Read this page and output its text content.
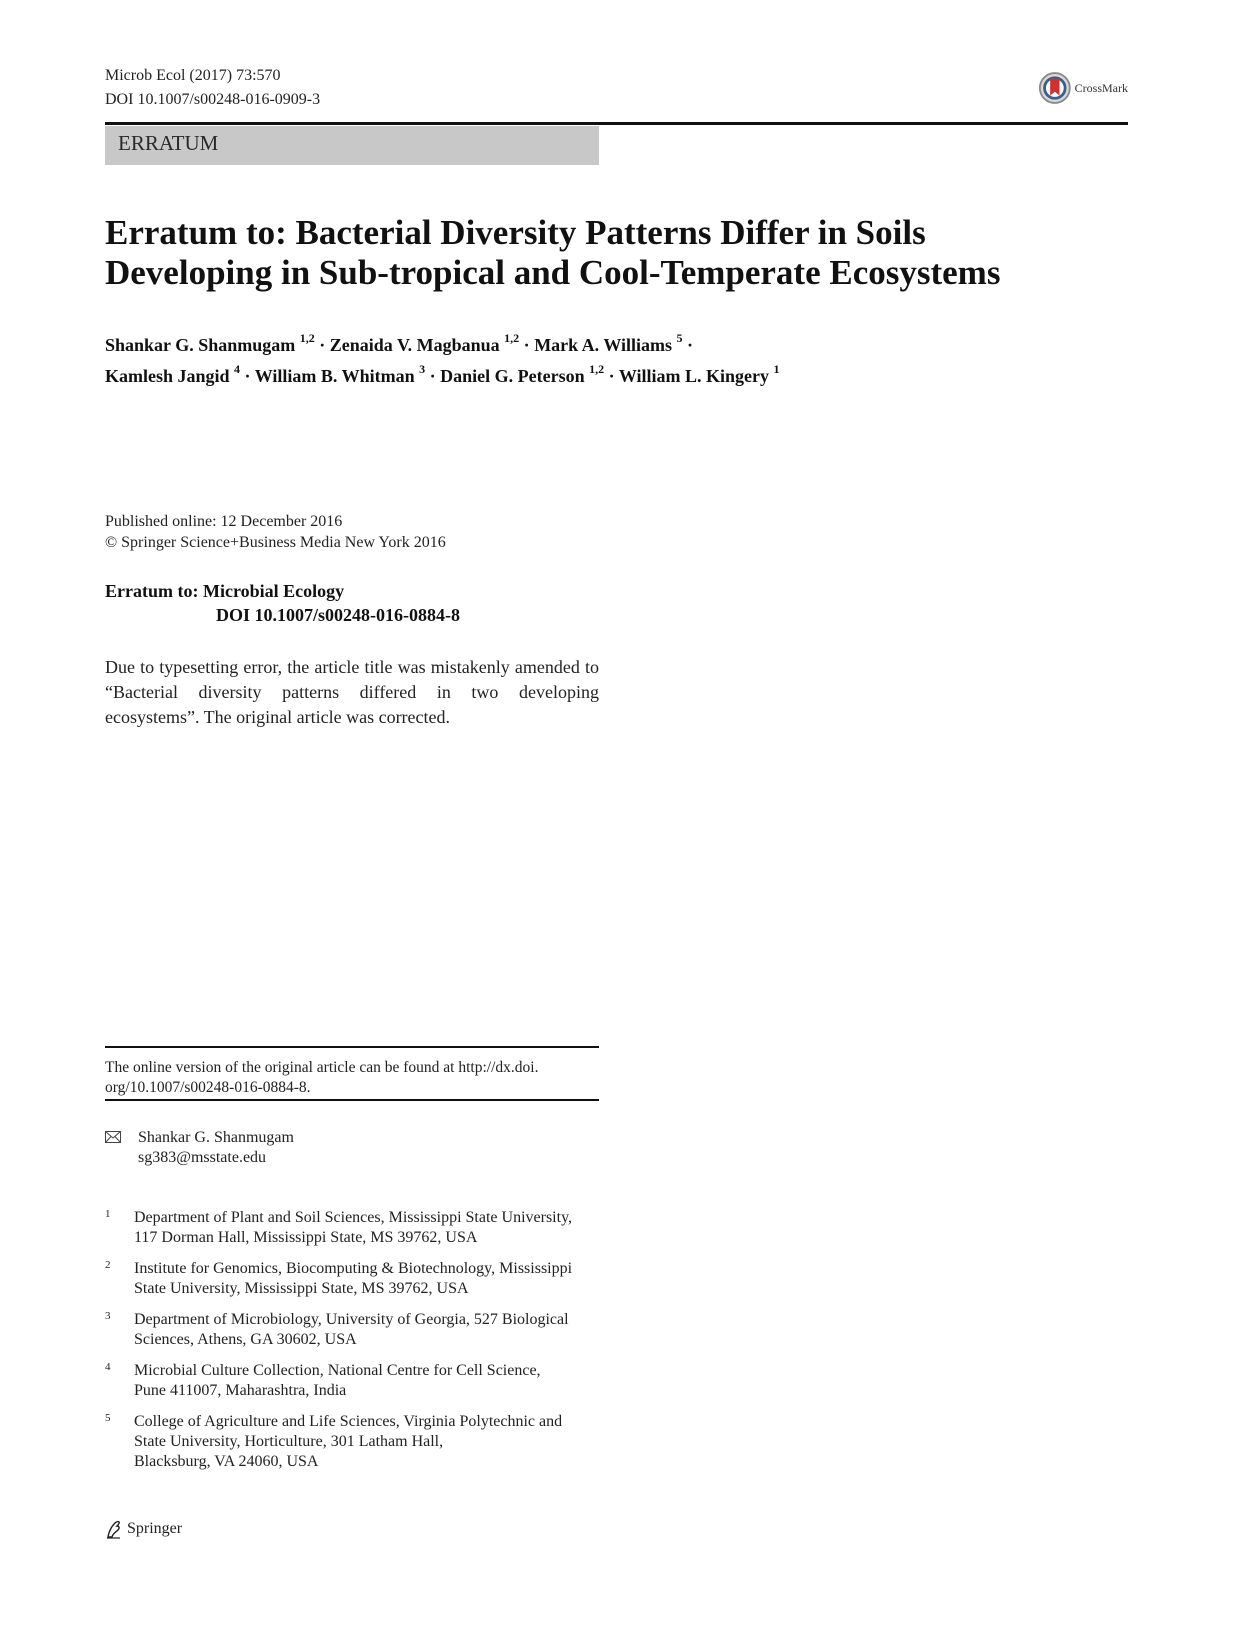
Microb Ecol (2017) 73:570
DOI 10.1007/s00248-016-0909-3
CrossMark
ERRATUM
Erratum to: Bacterial Diversity Patterns Differ in Soils
Developing in Sub-tropical and Cool-Temperate Ecosystems
Shankar G. Shanmugam $^{1,2}$ · Zenaida V. Magbanua $^{1,2}$ · Mark A. Williams $^5$ ·
Kamlesh Jangid $^4$ · William B. Whitman $^3$ · Daniel G. Peterson $^{1,2}$ · William L. Kingery $^1$
Published online: 12 December 2016
© Springer Science+Business Media New York 2016
Erratum to: Microbial Ecology
DOI 10.1007/s00248-016-0884-8
Due to typesetting error, the article title was mistakenly amended to “Bacterial diversity patterns differed in two developing ecosystems”. The original article was corrected.
The online version of the original article can be found at http://dx.doi.
org/10.1007/s00248-016-0884-8.
Shankar G. Shanmugam
sg383@msstate.edu
1 Department of Plant and Soil Sciences, Mississippi State University,
117 Dorman Hall, Mississippi State, MS 39762, USA
2 Institute for Genomics, Biocomputing & Biotechnology, Mississippi
State University, Mississippi State, MS 39762, USA
3 Department of Microbiology, University of Georgia, 527 Biological
Sciences, Athens, GA 30602, USA
4 Microbial Culture Collection, National Centre for Cell Science,
Pune 411007, Maharashtra, India
5 College of Agriculture and Life Sciences, Virginia Polytechnic and
State University, Horticulture, 301 Latham Hall,
Blacksburg, VA 24060, USA
Springer
